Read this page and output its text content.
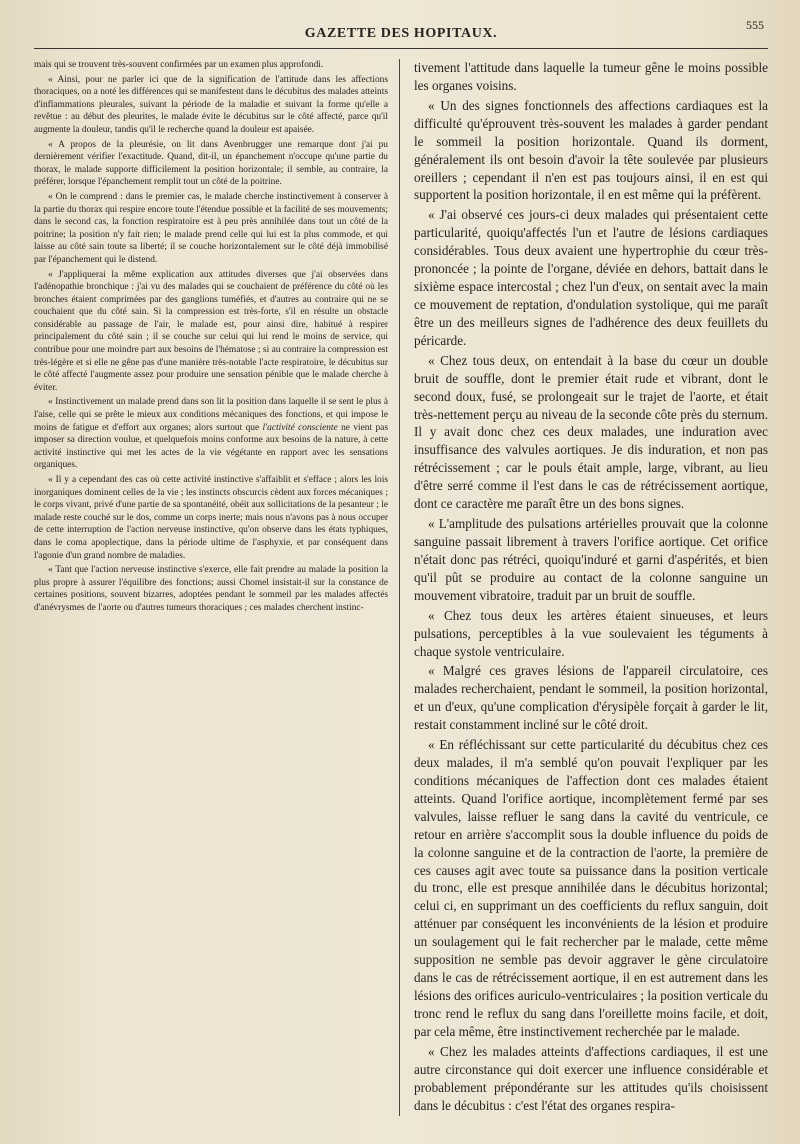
GAZETTE DES HOPITAUX.
555

mais qui se trouvent très-souvent confirmées par un examen plus approfondi.

« Ainsi, pour ne parler ici que de la signification de l'attitude dans les affections thoraciques, on a noté les différences qui se manifestent dans le décubitus des malades atteints d'inflammations pleurales, suivant la période de la maladie et suivant la forme qu'elle a revêtue : au début des pleurites, le malade évite le décubitus sur le côté affecté, parce qu'il augmente la douleur, tandis qu'il le recherche quand la douleur est apaisée.

« A propos de la pleurésie, on lit dans Avenbrugger une remarque dont j'ai pu dernièrement vérifier l'exactitude. Quand, dit-il, un épanchement n'occupe qu'une partie du thorax, le malade supporte difficilement la position horizontale; il semble, au contraire, la préférer, lorsque l'épanchement remplit tout un côté de la poitrine.

« On le comprend : dans le premier cas, le malade cherche instinctivement à conserver à la partie du thorax qui respire encore toute l'étendue possible et la facilité de ses mouvements; dans le second cas, la fonction respiratoire est à peu près annihilée dans tout un côté de la poitrine; la position n'y fait rien; le malade prend celle qui lui est la plus commode, et qui laisse au côté sain toute sa liberté; il se couche horizontalement sur le côté déjà immobilisé par l'épanchement qui le distend.

« J'appliquerai la même explication aux attitudes diverses que j'ai observées dans l'adénopathie bronchique : j'ai vu des malades qui se couchaient de préférence du côté où les bronches étaient comprimées par des ganglions tuméfiés, et d'autres au contraire qui ne se couchaient que du côté sain. Si la compression est très-forte, s'il en résulte un obstacle considérable au passage de l'air, le malade est, pour ainsi dire, habitué à respirer principalement du côté sain ; il se couche sur celui qui lui rend le moins de service, qui contribue pour une moindre part aux besoins de l'hématose ; si au contraire la compression est très-légère et si elle ne gêne pas d'une manière très-notable l'acte respiratoire, le décubitus sur le côté affecté l'augmente assez pour produire une sensation pénible que le malade cherche à éviter.

« Instinctivement un malade prend dans son lit la position dans laquelle il se sent le plus à l'aise, celle qui se prête le mieux aux conditions mécaniques des fonctions, et qui impose le moins de fatigue et d'effort aux organes; alors surtout que l'activité consciente ne vient pas imposer sa direction voulue, et quelquefois moins conforme aux besoins de la nature, à cette activité instinctive qui met les actes de la vie végétante en rapport avec les sensations organiques.

« Il y a cependant des cas où cette activité instinctive s'affaiblit et s'efface ; alors les lois inorganiques dominent celles de la vie ; les instincts obscurcis cèdent aux forces mécaniques ; le corps vivant, privé d'une partie de sa spontanéité, obéit aux sollicitations de la pesanteur ; le malade reste couché sur le dos, comme un corps inerte; mais nous n'avons pas à nous occuper de cette interruption de l'action nerveuse instinctive, qu'on observe dans les états typhiques, dans le coma apoplectique, dans la période ultime de l'asphyxie, et par conséquent dans l'agonie d'un grand nombre de maladies.

« Tant que l'action nerveuse instinctive s'exerce, elle fait prendre au malade la position la plus propre à assurer l'équilibre des fonctions; aussi Chomel insistait-il sur la constance de certaines positions, souvent bizarres, adoptées pendant le sommeil par les malades affectés d'anévrysmes de l'aorte ou d'autres tumeurs thoraciques ; ces malades cherchent instinc-

tivement l'attitude dans laquelle la tumeur gêne le moins possible les organes voisins.

« Un des signes fonctionnels des affections cardiaques est la difficulté qu'éprouvent très-souvent les malades à garder pendant le sommeil la position horizontale. Quand ils dorment, généralement ils ont besoin d'avoir la tête soulevée par plusieurs oreillers ; cependant il n'en est pas toujours ainsi, il en est qui supportent la position horizontale, il en est même qui la préfèrent.

« J'ai observé ces jours-ci deux malades qui présentaient cette particularité, quoiqu'affectés l'un et l'autre de lésions cardiaques considérables. Tous deux avaient une hypertrophie du cœur très-prononcée ; la pointe de l'organe, déviée en dehors, battait dans le sixième espace intercostal ; chez l'un d'eux, on sentait avec la main ce mouvement de reptation, d'ondulation systolique, qui me paraît être un des meilleurs signes de l'adhérence des deux feuillets du péricarde.

« Chez tous deux, on entendait à la base du cœur un double bruit de souffle, dont le premier était rude et vibrant, dont le second doux, fusé, se prolongeait sur le trajet de l'aorte, et était très-nettement perçu au niveau de la seconde côte près du sternum. Il y avait donc chez ces deux malades, une induration avec insuffisance des valvules aortiques. Je dis induration, et non pas rétrécissement ; car le pouls était ample, large, vibrant, au lieu d'être serré comme il l'est dans le cas de rétrécissement aortique, dont ce caractère me paraît être un des bons signes.

« L'amplitude des pulsations artérielles prouvait que la colonne sanguine passait librement à travers l'orifice aortique. Cet orifice n'était donc pas rétréci, quoiqu'induré et garni d'aspérités, et bien qu'il pût se produire au contact de la colonne sanguine un mouvement vibratoire, traduit par un bruit de souffle.

« Chez tous deux les artères étaient sinueuses, et leurs pulsations, perceptibles à la vue soulevaient les téguments à chaque systole ventriculaire.

« Malgré ces graves lésions de l'appareil circulatoire, ces malades recherchaient, pendant le sommeil, la position horizontal, et un d'eux, qu'une complication d'érysipèle forçait à garder le lit, restait constamment incliné sur le côté droit.

« En réfléchissant sur cette particularité du décubitus chez ces deux malades, il m'a semblé qu'on pouvait l'expliquer par les conditions mécaniques de l'affection dont ces malades étaient atteints. Quand l'orifice aortique, incomplètement fermé par ses valvules, laisse refluer le sang dans la cavité du ventricule, ce retour en arrière s'accomplit sous la double influence du poids de la colonne sanguine et de la contraction de l'aorte, la première de ces causes agit avec toute sa puissance dans la position verticale du tronc, elle est presque annihilée dans le décubitus horizontal; celui ci, en supprimant un des coefficients du reflux sanguin, doit atténuer par conséquent les inconvénients de la lésion et produire un soulagement qui le fait rechercher par le malade, cette même supposition ne semble pas devoir aggraver le gène circulatoire dans le cas de rétrécissement aortique, il en est autrement dans les lésions des orifices auriculo-ventriculaires ; la position verticale du tronc rend le reflux du sang dans l'oreillette moins facile, et doit, par cela même, être instinctivement recherchée par le malade.

« Chez les malades atteints d'affections cardiaques, il est une autre circonstance qui doit exercer une influence considérable et probablement prépondérante sur les attitudes qu'ils choisissent dans le décubitus : c'est l'état des organes respira-
